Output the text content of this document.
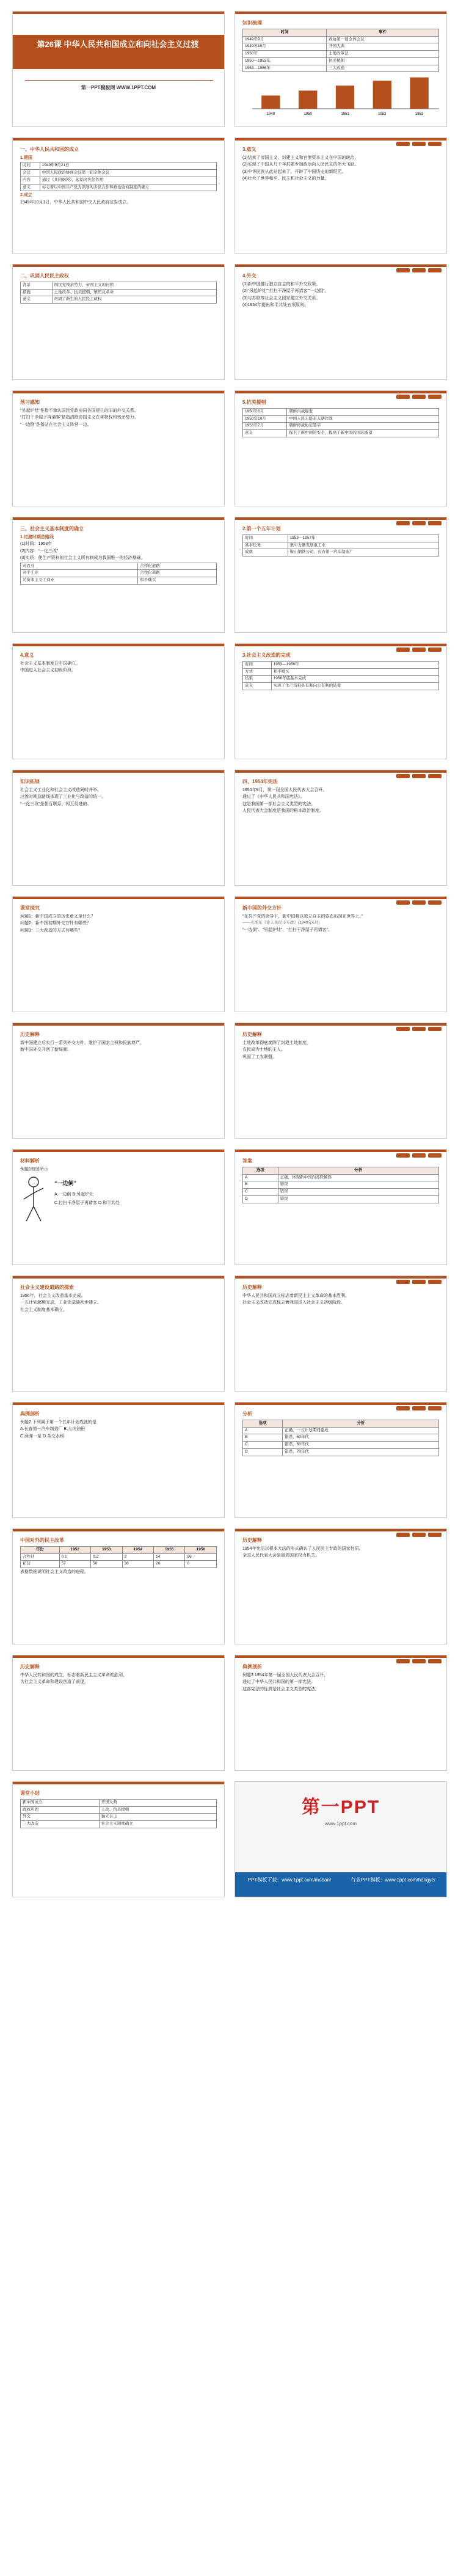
第26课 中华人民共和国成立和向社会主义过渡
第一PPT模板网 WWW.1PPT.COM
知识梳理
时间	事件
1949年9月	政协第一届全体会议
1949年10月	开国大典
1950年	土地改革法
1950—1953年	抗美援朝
1953—1956年	三大改造
1949	1950	1951	1952	1953
一、中华人民共和国的成立
1.建国
时间	1949年9月21日
会议	中国人民政治协商会议第一届全体会议
内容	通过《共同纲领》，起临时宪法作用
意义	标志着以中国共产党为领导的多党合作和政治协商制度的确立
2.成立
1949年10月1日，中华人民共和国中央人民政府宣告成立。
3.意义
(1)结束了帝国主义、封建主义和官僚资本主义在中国的统治。
(2)实现了中国从几千年封建专制政治向人民民主的伟大飞跃。
(3)中华民族从此站起来了，开辟了中国历史的新纪元。
(4)壮大了世界和平、民主和社会主义的力量。
二、巩固人民民主政权
背景	国民党残余势力、帝国主义的封锁
措施	土地改革、抗美援朝、镇压反革命
意义	巩固了新生的人民民主政权
4.外交
(1)新中国推行独立自主的和平外交政策。
(2)“另起炉灶”“打扫干净屋子再请客”“一边倒”。
(3)与苏联等社会主义国家建立外交关系。
(4)1954年提出和平共处五项原则。
预习感知
“另起炉灶”是指不承认国民党政府同各国建立的旧的外交关系。
“打扫干净屋子再请客”是指清除帝国主义在华特权和残余势力。
“一边倒”是指站在社会主义阵营一边。
5.抗美援朝
1950年6月	朝鲜内战爆发
1950年10月	中国人民志愿军入朝作战
1953年7月	朝鲜停战协定签字
意义	保卫了新中国的安全，提高了新中国的国际威望
三、社会主义基本制度的确立
1.过渡时期总路线
(1)时间：1953年
(2)内容：“一化三改”
(3)实质：使生产资料的社会主义所有制成为我国唯一的经济基础。
对农业	合作化道路
对手工业	合作化道路
对资本主义工商业	和平赎买
2.第一个五年计划
时间	1953—1957年
基本任务	集中力量发展重工业
成就	鞍山钢铁公司、长春第一汽车制造厂
4.意义
社会主义基本制度在中国确立。
中国进入社会主义初级阶段。
3.社会主义改造的完成
时间	1953—1956年
方式	和平赎买
结果	1956年底基本完成
意义	实现了生产资料私有制向公有制的转变
知识拓展
社会主义工业化和社会主义改造同时并举。
过渡时期总路线体现了工业化与改造的统一。
“一化三改”是相互联系、相互促进的。
四、1954年宪法
1954年9月，第一届全国人民代表大会召开。
通过了《中华人民共和国宪法》。
这是我国第一部社会主义类型的宪法。
人民代表大会制度是我国的根本政治制度。
课堂探究
问题1：新中国成立的历史意义是什么？
问题2：新中国初期外交方针有哪些？
问题3：三大改造的方式有哪些？
新中国的外交方针
“在共产党的领导下，新中国将以独立自主的姿态出现在世界上。”
——毛泽东《论人民民主专政》(1949年6月)
“一边倒”、“另起炉灶”、“打扫干净屋子再请客”。
历史解释
新中国建立后实行一系列外交方针，维护了国家主权和民族尊严。
新中国外交开创了新局面。
历史解释
土地改革彻底废除了封建土地制度。
农民成为土地的主人。
巩固了工农联盟。
材料解析
例题1如图所示
“一边倒”
A.一边倒 B.另起炉灶
C.打扫干净屋子再请客 D.和平共处
答案
选项	分析
A	正确，体现新中国向苏联倾斜
B	错误
C	错误
D	错误
社会主义建设道路的探索
1956年，社会主义改造基本完成。
一五计划超额完成，工业化基础初步建立。
社会主义制度基本确立。
历史解释
中华人民共和国成立标志着新民主主义革命的基本胜利。
社会主义改造完成标志着我国进入社会主义初级阶段。
典例剖析
例题2 下列属于第一个五年计划成就的是
A.长春第一汽车制造厂 B.大庆油田
C.两弹一星 D.杂交水稻
分析
选项	分析
A	正确，一五计划期间建成
B	错误，60年代
C	错误，60年代
D	错误，70年代
中国对外的民主改革
年份	1952	1953	1954	1955	1956
合作社	0.1	0.2	2	14	96
私营	57	50	38	26	0
表格数据说明社会主义改造的进程。
历史解释
1954年宪法以根本大法的形式确认了人民民主专政的国家性质。
全国人民代表大会是最高国家权力机关。
历史解释
中华人民共和国的成立，标志着新民主主义革命的胜利，
为社会主义革命和建设创造了前提。
典例剖析
例题3 1954年第一届全国人民代表大会召开，
通过了中华人民共和国的第一部宪法。
这部宪法的性质是社会主义类型的宪法。
课堂小结
新中国成立	开国大典
政权巩固	土改、抗美援朝
外交	独立自主
三大改造	社会主义制度确立
第一PPT
www.1ppt.com
PPT模板下载：www.1ppt.com/moban/	行业PPT模板：www.1ppt.com/hangye/
